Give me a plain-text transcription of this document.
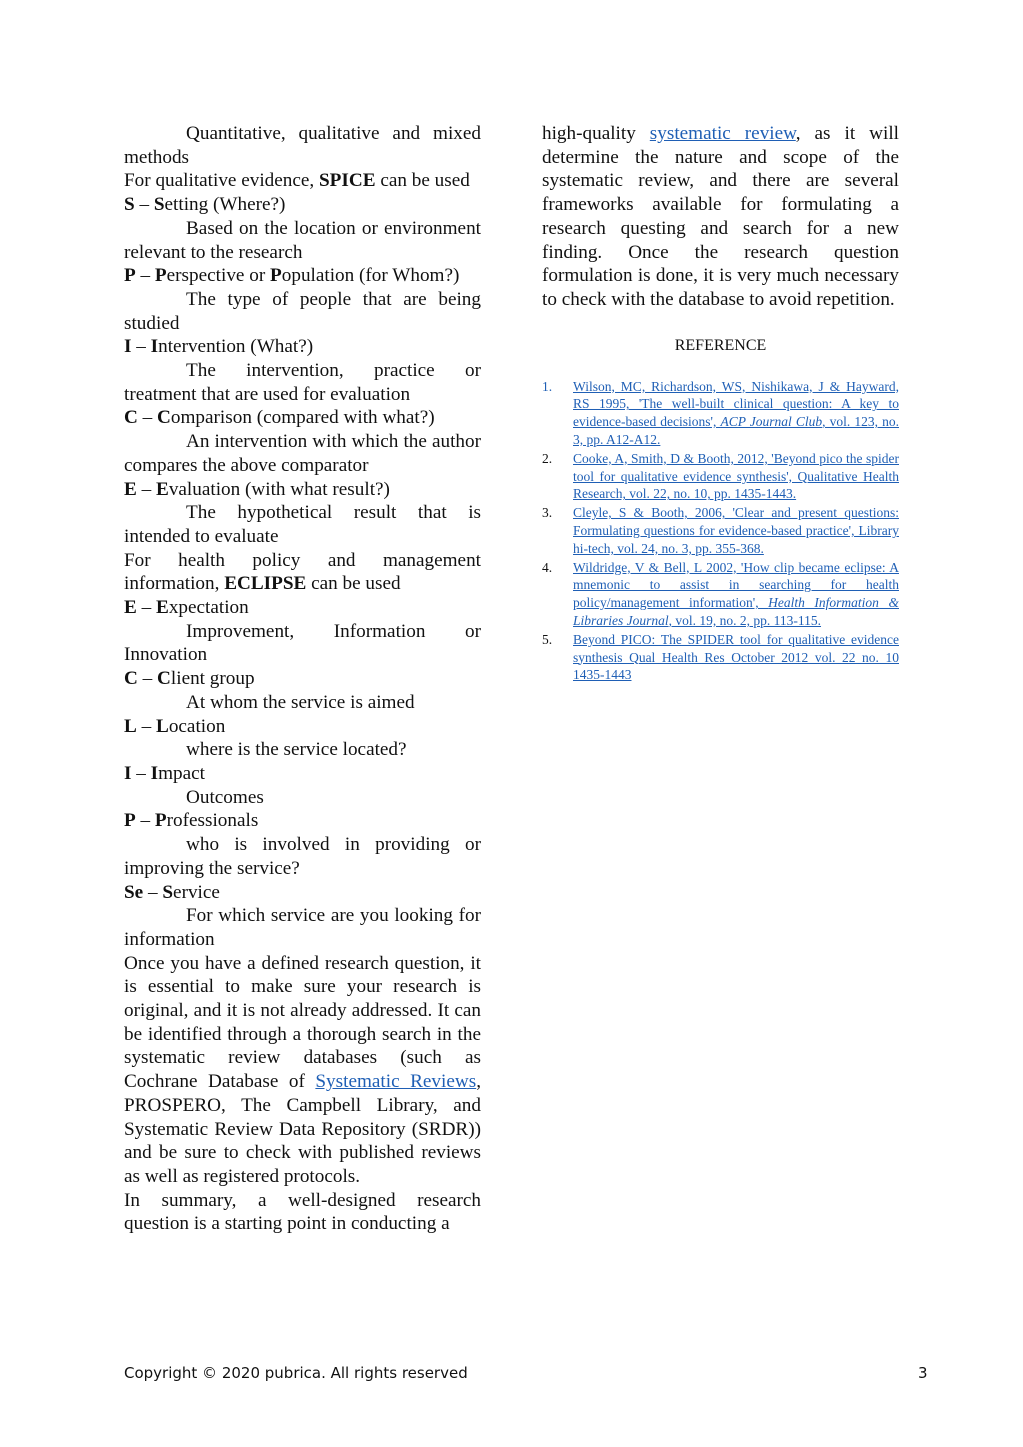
Quantitative, qualitative and mixed methods

For qualitative evidence, SPICE can be used

S – Setting (Where?)

Based on the location or environment relevant to the research

P – Perspective or Population (for Whom?)

The type of people that are being studied

I – Intervention (What?)

The intervention, practice or treatment that are used for evaluation

C – Comparison (compared with what?)

An intervention with which the author compares the above comparator

E – Evaluation (with what result?)

The hypothetical result that is intended to evaluate

For health policy and management information, ECLIPSE can be used

E – Expectation

Improvement, Information or Innovation

C – Client group

At whom the service is aimed

L – Location

where is the service located?

I – Impact

Outcomes

P – Professionals

who is involved in providing or improving the service?

Se – Service

For which service are you looking for information

Once you have a defined research question, it is essential to make sure your research is original, and it is not already addressed. It can be identified through a thorough search in the systematic review databases (such as Cochrane Database of Systematic Reviews, PROSPERO, The Campbell Library, and Systematic Review Data Repository (SRDR)) and be sure to check with published reviews as well as registered protocols.

In summary, a well-designed research question is a starting point in conducting a

high-quality systematic review, as it will determine the nature and scope of the systematic review, and there are several frameworks available for formulating a research questing and search for a new finding. Once the research question formulation is done, it is very much necessary to check with the database to avoid repetition.

REFERENCE
1. Wilson, MC, Richardson, WS, Nishikawa, J & Hayward, RS 1995, 'The well-built clinical question: A key to evidence-based decisions', ACP Journal Club, vol. 123, no. 3, pp. A12-A12.
2. Cooke, A, Smith, D & Booth, 2012, 'Beyond pico the spider tool for qualitative evidence synthesis', Qualitative Health Research, vol. 22, no. 10, pp. 1435-1443.
3. Cleyle, S & Booth, 2006, 'Clear and present questions: Formulating questions for evidence-based practice', Library hi-tech, vol. 24, no. 3, pp. 355-368.
4. Wildridge, V & Bell, L 2002, 'How clip became eclipse: A mnemonic to assist in searching for health policy/management information', Health Information & Libraries Journal, vol. 19, no. 2, pp. 113-115.
5. Beyond PICO: The SPIDER tool for qualitative evidence synthesis Qual Health Res October 2012 vol. 22 no. 10 1435-1443
Copyright © 2020 pubrica. All rights reserved	3
